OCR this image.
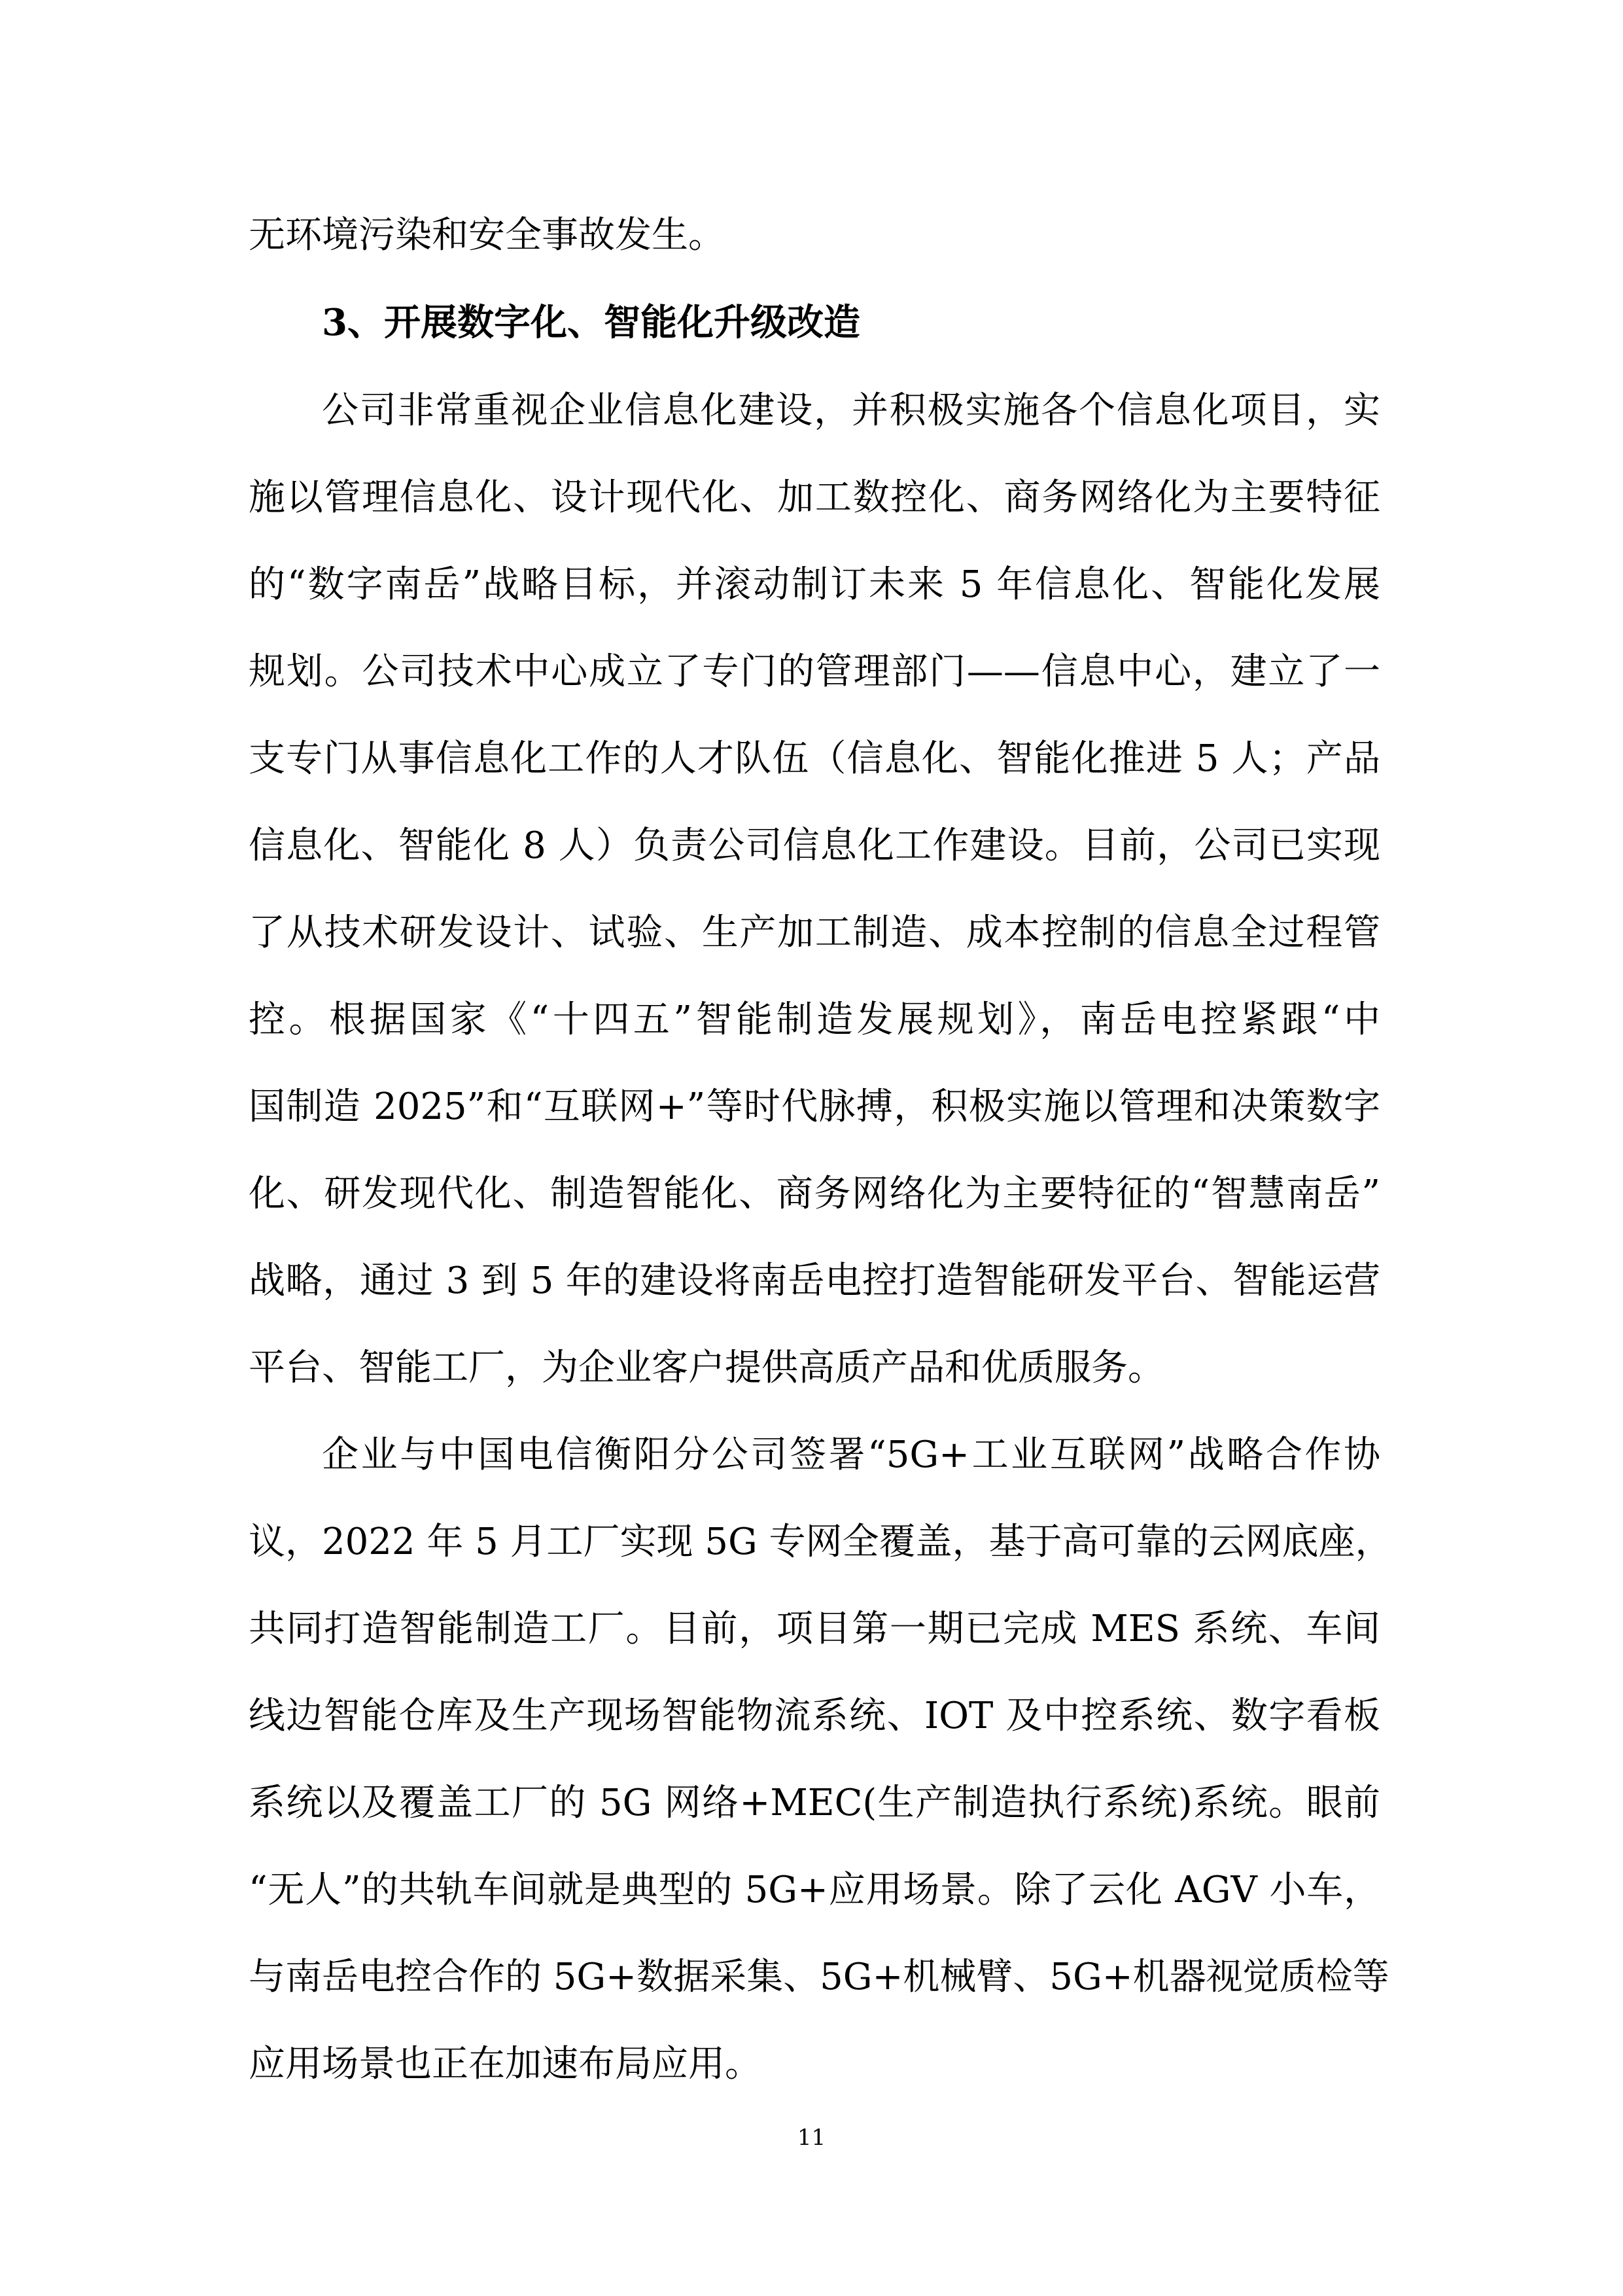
无环境污染和安全事故发生。
3、开展数字化、智能化升级改造
公司非常重视企业信息化建设，并积极实施各个信息化项目，实
施以管理信息化、设计现代化、加工数控化、商务网络化为主要特征
的“数字南岳”战略目标，并滚动制订未来 5 年信息化、智能化发展
规划。公司技术中心成立了专门的管理部门——信息中心，建立了一
支专门从事信息化工作的人才队伍（信息化、智能化推进 5 人；产品
信息化、智能化 8 人）负责公司信息化工作建设。目前，公司已实现
了从技术研发设计、试验、生产加工制造、成本控制的信息全过程管
控。根据国家《“十四五”智能制造发展规划》，南岳电控紧跟“中
国制造 2025”和“互联网+”等时代脉搏，积极实施以管理和决策数字
化、研发现代化、制造智能化、商务网络化为主要特征的“智慧南岳”
战略，通过 3 到 5 年的建设将南岳电控打造智能研发平台、智能运营
平台、智能工厂，为企业客户提供高质产品和优质服务。
企业与中国电信衡阳分公司签署“5G+工业互联网”战略合作协
议，2022 年 5 月工厂实现 5G 专网全覆盖，基于高可靠的云网底座，
共同打造智能制造工厂。目前，项目第一期已完成 MES 系统、车间
线边智能仓库及生产现场智能物流系统、IOT 及中控系统、数字看板
系统以及覆盖工厂的 5G 网络+MEC(生产制造执行系统)系统。眼前
“无人”的共轨车间就是典型的 5G+应用场景。除了云化 AGV 小车，
与南岳电控合作的 5G+数据采集、5G+机械臂、5G+机器视觉质检等
应用场景也正在加速布局应用。
11
